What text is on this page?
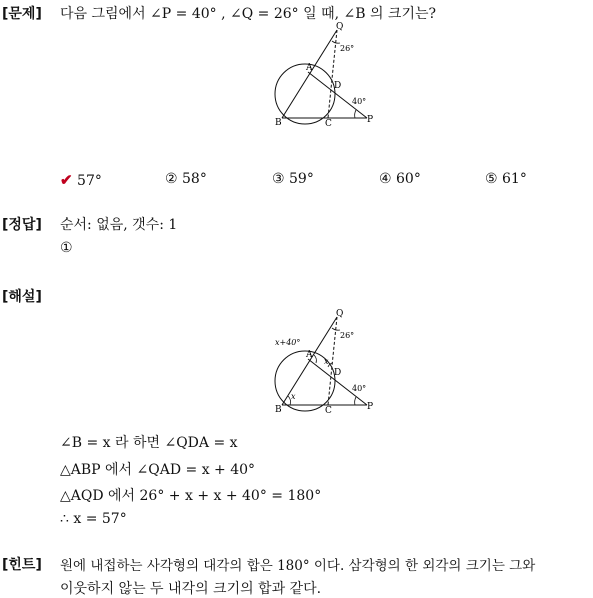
[문제] 다음 그림에서 ∠P = 40° , ∠Q = 26° 일 때, ∠B 의 크기는?
Q
A
D
B	C	P
26°
40°
✔ 57°	② 58°	③ 59°	④ 60°	⑤ 61°
[정답] 순서: 없음, 갯수: 1
①
[해설]
Q
A
D
B	C	P
26°
40°
x+40°
x
x
∠B = x 라 하면 ∠QDA = x
△ABP 에서 ∠QAD = x + 40°
△AQD 에서 26° + x + x + 40° = 180°
∴ x = 57°
[힌트] 원에 내접하는 사각형의 대각의 합은 180° 이다. 삼각형의 한 외각의 크기는 그와
이웃하지 않는 두 내각의 크기의 합과 같다.
